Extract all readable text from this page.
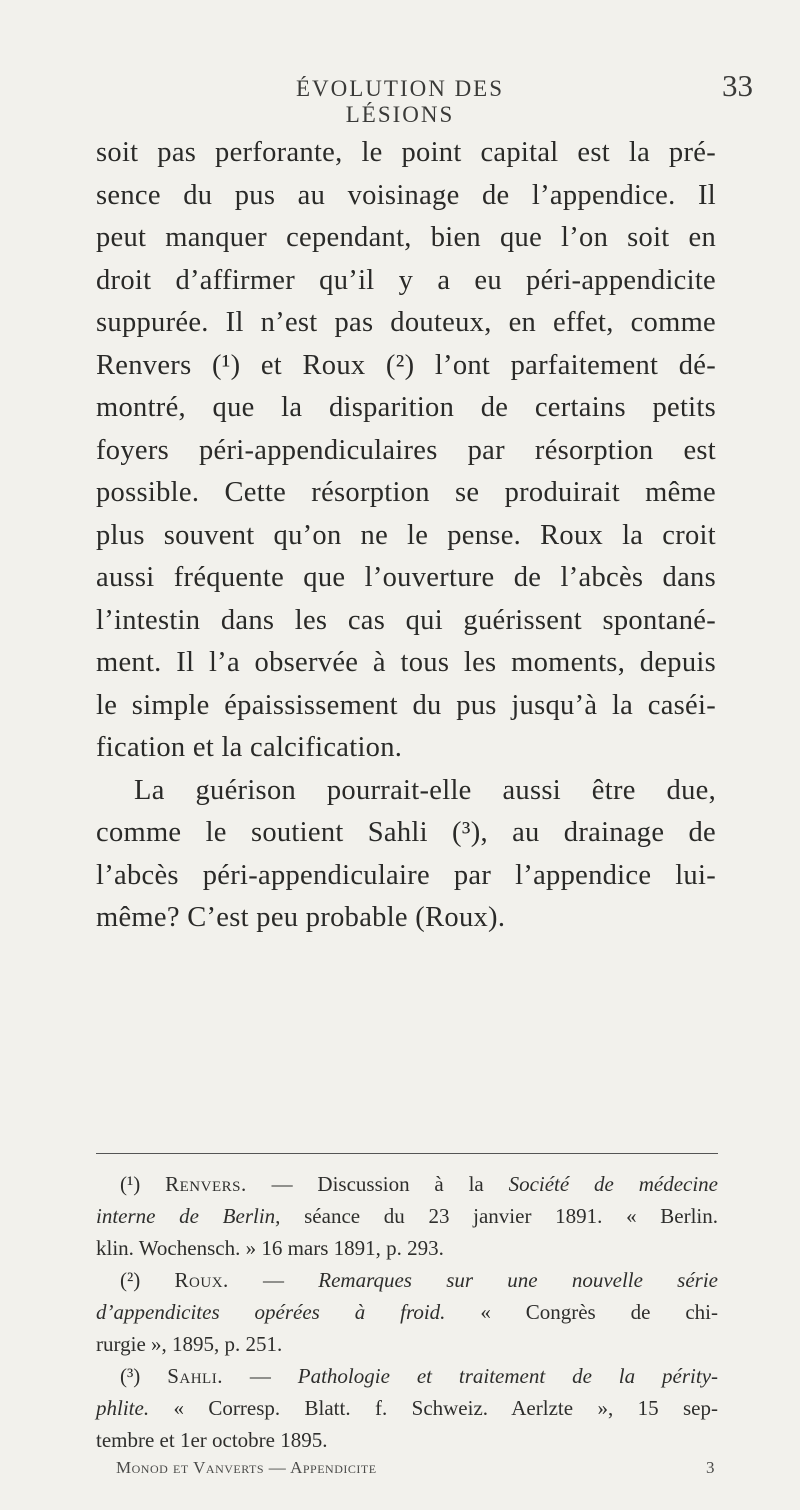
ÉVOLUTION DES LÉSIONS
33
soit pas perforante, le point capital est la pré-
sence du pus au voisinage de l’appendice. Il
peut manquer cependant, bien que l’on soit en
droit d’affirmer qu’il y a eu péri-appendicite
suppurée. Il n’est pas douteux, en effet, comme
Renvers (¹) et Roux (²) l’ont parfaitement dé-
montré, que la disparition de certains petits
foyers péri-appendiculaires par résorption est
possible. Cette résorption se produirait même
plus souvent qu’on ne le pense. Roux la croit
aussi fréquente que l’ouverture de l’abcès dans
l’intestin dans les cas qui guérissent spontané-
ment. Il l’a observée à tous les moments, depuis
le simple épaississement du pus jusqu’à la caséi-
fication et la calcification.
La guérison pourrait-elle aussi être due,
comme le soutient Sahli (³), au drainage de
l’abcès péri-appendiculaire par l’appendice lui-
même? C’est peu probable (Roux).
(¹) Renvers. — Discussion à la Société de médecine
interne de Berlin, séance du 23 janvier 1891. « Berlin.
klin. Wochensch. » 16 mars 1891, p. 293.
(²) Roux. — Remarques sur une nouvelle série
d’appendicites opérées à froid. « Congrès de chi-
rurgie », 1895, p. 251.
(³) Sahli. — Pathologie et traitement de la périty-
phlite. « Corresp. Blatt. f. Schweiz. Aerlzte », 15 sep-
tembre et 1er octobre 1895.
Monod et Vanverts — Appendicite	3
